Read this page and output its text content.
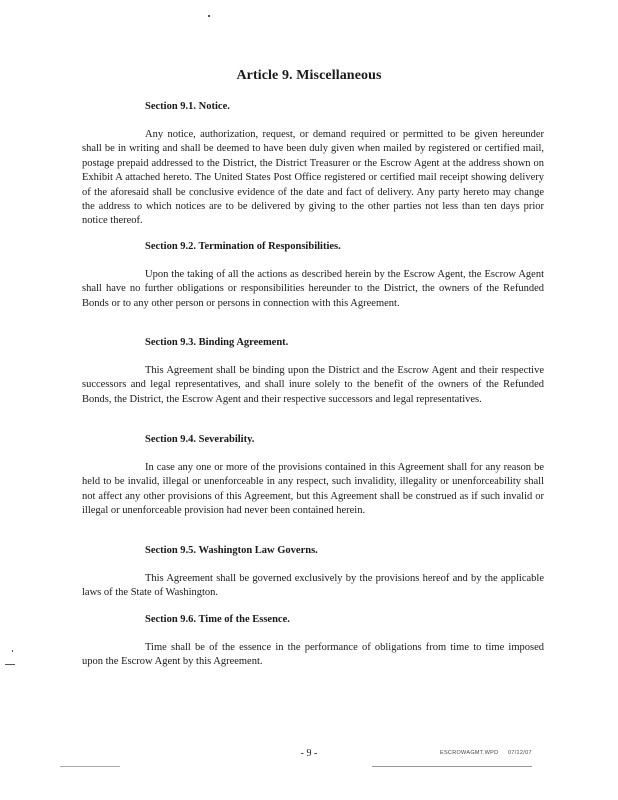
Article 9. Miscellaneous
Section 9.1. Notice.

Any notice, authorization, request, or demand required or permitted to be given hereunder shall be in writing and shall be deemed to have been duly given when mailed by registered or certified mail, postage prepaid addressed to the District, the District Treasurer or the Escrow Agent at the address shown on Exhibit A attached hereto. The United States Post Office registered or certified mail receipt showing delivery of the aforesaid shall be conclusive evidence of the date and fact of delivery. Any party hereto may change the address to which notices are to be delivered by giving to the other parties not less than ten days prior notice thereof.

Section 9.2. Termination of Responsibilities.

Upon the taking of all the actions as described herein by the Escrow Agent, the Escrow Agent shall have no further obligations or responsibilities hereunder to the District, the owners of the Refunded Bonds or to any other person or persons in connection with this Agreement.

Section 9.3. Binding Agreement.

This Agreement shall be binding upon the District and the Escrow Agent and their respective successors and legal representatives, and shall inure solely to the benefit of the owners of the Refunded Bonds, the District, the Escrow Agent and their respective successors and legal representatives.

Section 9.4. Severability.

In case any one or more of the provisions contained in this Agreement shall for any reason be held to be invalid, illegal or unenforceable in any respect, such invalidity, illegality or unenforceability shall not affect any other provisions of this Agreement, but this Agreement shall be construed as if such invalid or illegal or unenforceable provision had never been contained herein.

Section 9.5. Washington Law Governs.

This Agreement shall be governed exclusively by the provisions hereof and by the applicable laws of the State of Washington.

Section 9.6. Time of the Essence.

Time shall be of the essence in the performance of obligations from time to time imposed upon the Escrow Agent by this Agreement.

- 9 -	ESCROWAGMT.WPD 07/12/07
